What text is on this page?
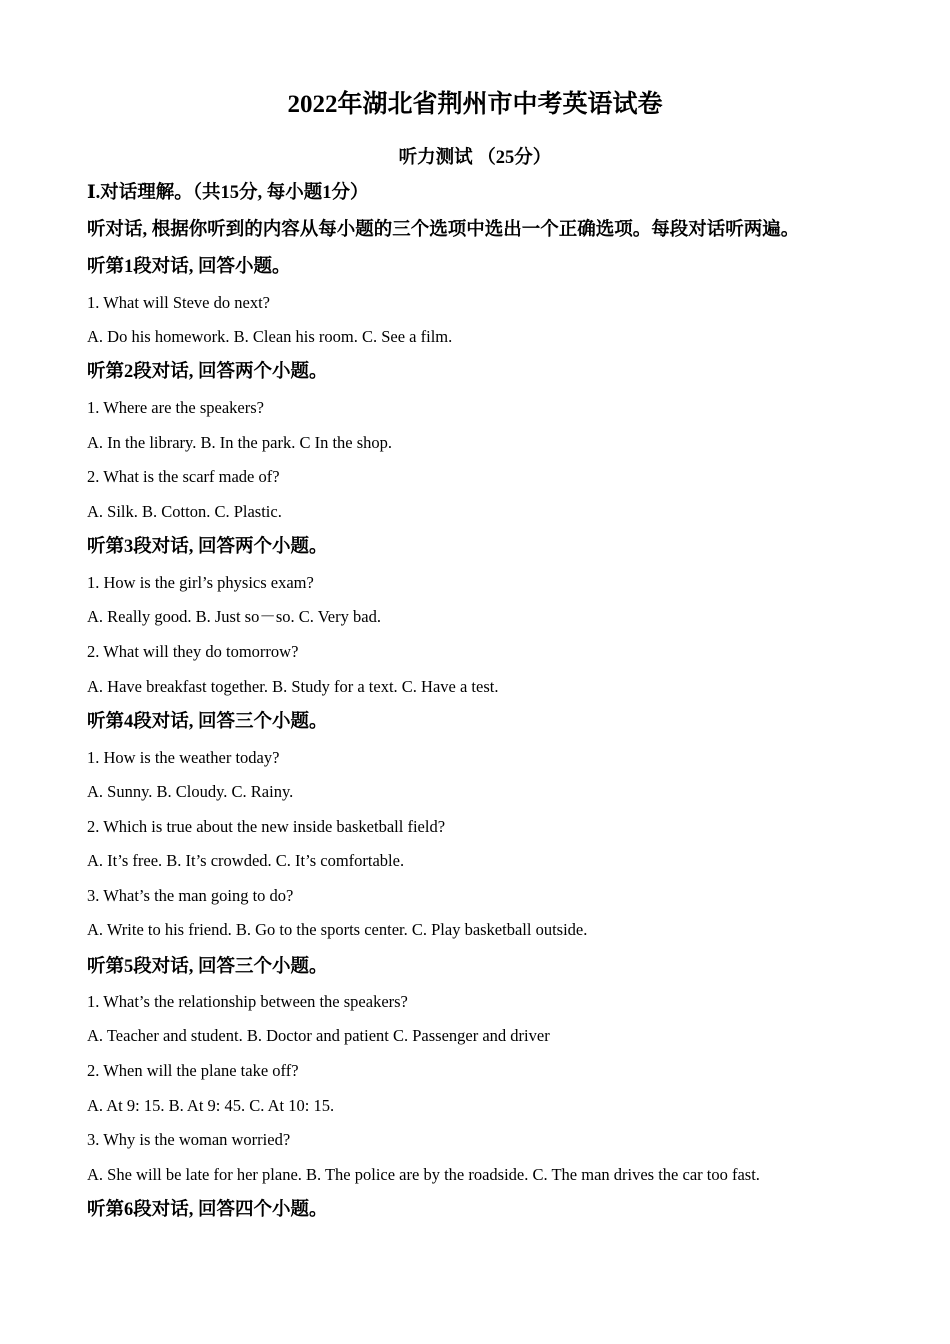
2022年湖北省荆州市中考英语试卷
听力测试 （25分）
Ⅰ.对话理解。（共15分, 每小题1分）
听对话, 根据你听到的内容从每小题的三个选项中选出一个正确选项。每段对话听两遍。
听第1段对话, 回答小题。
1. What will Steve do next?
A. Do his homework. B. Clean his room. C. See a film.
听第2段对话, 回答两个小题。
1. Where are the speakers?
A. In the library. B. In the park. C In the shop.
2. What is the scarf made of?
A. Silk. B. Cotton. C. Plastic.
听第3段对话, 回答两个小题。
1. How is the girl’s physics exam?
A. Really good. B. Just so－so. C. Very bad.
2. What will they do tomorrow?
A. Have breakfast together. B. Study for a text. C. Have a test.
听第4段对话, 回答三个小题。
1. How is the weather today?
A. Sunny. B. Cloudy. C. Rainy.
2. Which is true about the new inside basketball field?
A. It’s free. B. It’s crowded. C. It’s comfortable.
3. What’s the man going to do?
A. Write to his friend. B. Go to the sports center. C. Play basketball outside.
听第5段对话, 回答三个小题。
1. What’s the relationship between the speakers?
A. Teacher and student. B. Doctor and patient C. Passenger and driver
2. When will the plane take off?
A. At 9: 15. B. At 9: 45. C. At 10: 15.
3. Why is the woman worried?
A. She will be late for her plane. B. The police are by the roadside. C. The man drives the car too fast.
听第6段对话, 回答四个小题。
